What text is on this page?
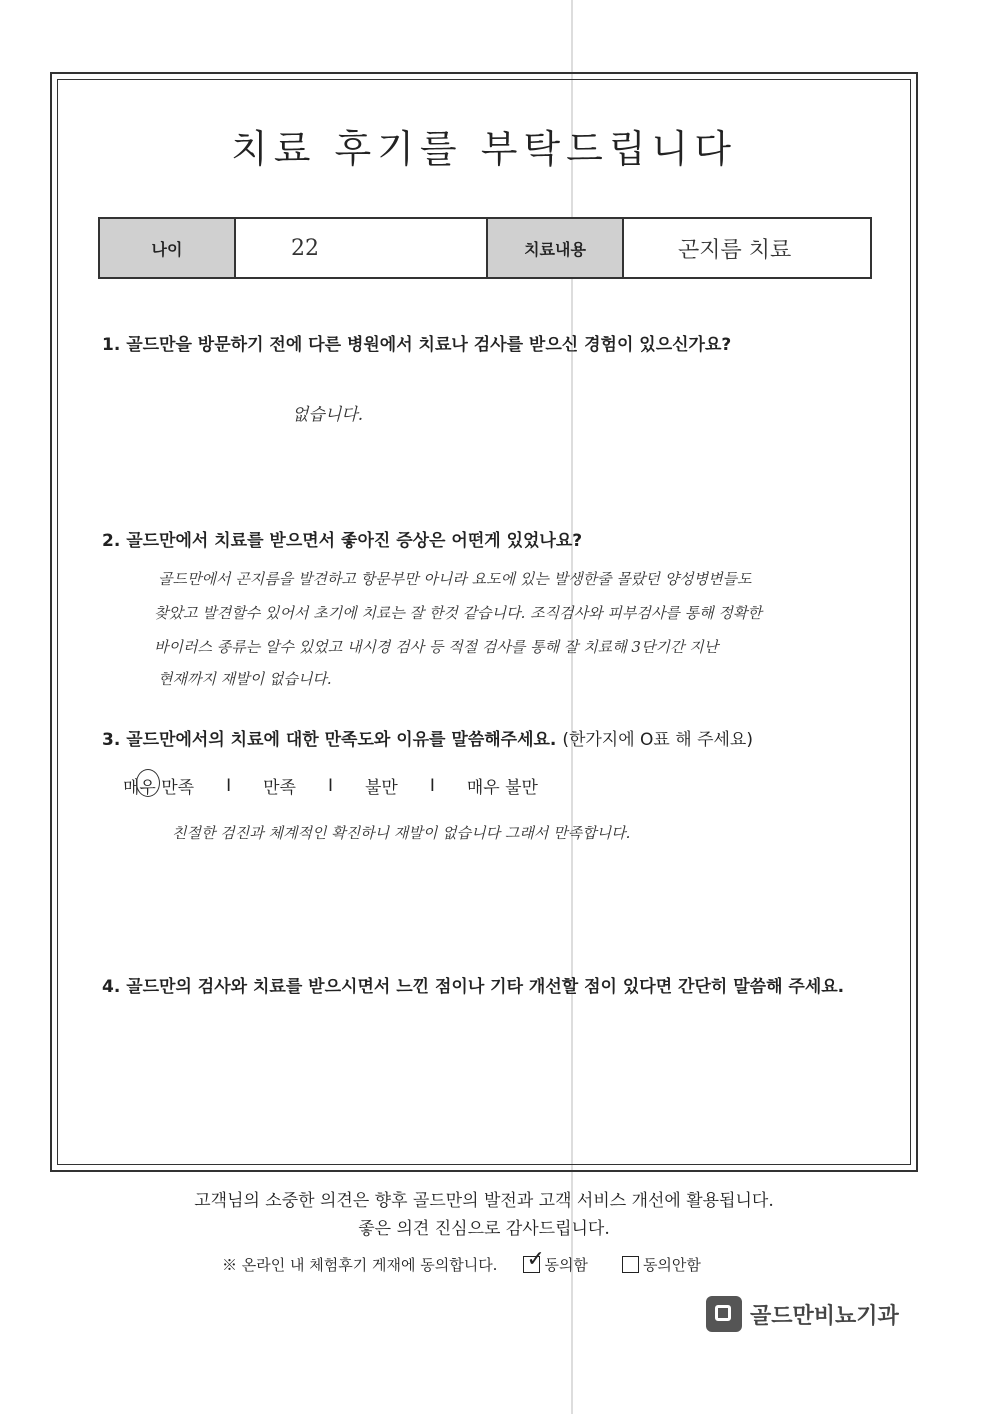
치료 후기를 부탁드립니다
나이	22	치료내용	곤지름 치료
1. 골드만을 방문하기 전에 다른 병원에서 치료나 검사를 받으신 경험이 있으신가요?
없습니다.
2. 골드만에서 치료를 받으면서 좋아진 증상은 어떤게 있었나요?
골드만에서 곤지름을 발견하고 항문부만 아니라 요도에 있는 발생한줄 몰랐던 양성병변들도
찾았고 발견할수 있어서 초기에 치료는 잘 한것 같습니다. 조직검사와 피부검사를 통해 정확한
바이러스 종류는 알수 있었고 내시경 검사 등 적절 검사를 통해 잘 치료해 3단기간 지난
현재까지 재발이 없습니다.
3. 골드만에서의 치료에 대한 만족도와 이유를 말씀해주세요. (한가지에 O표 해 주세요)
매우 만족 I 만족 I 불만 I 매우 불만
친절한 검진과 체계적인 확진하니 재발이 없습니다 그래서 만족합니다.
4. 골드만의 검사와 치료를 받으시면서 느낀 점이나 기타 개선할 점이 있다면 간단히 말씀해 주세요.
고객님의 소중한 의견은 향후 골드만의 발전과 고객 서비스 개선에 활용됩니다.
좋은 의견 진심으로 감사드립니다.
※ 온라인 내 체험후기 게재에 동의합니다. ✓ 동의함	동의안함
골드만비뇨기과
